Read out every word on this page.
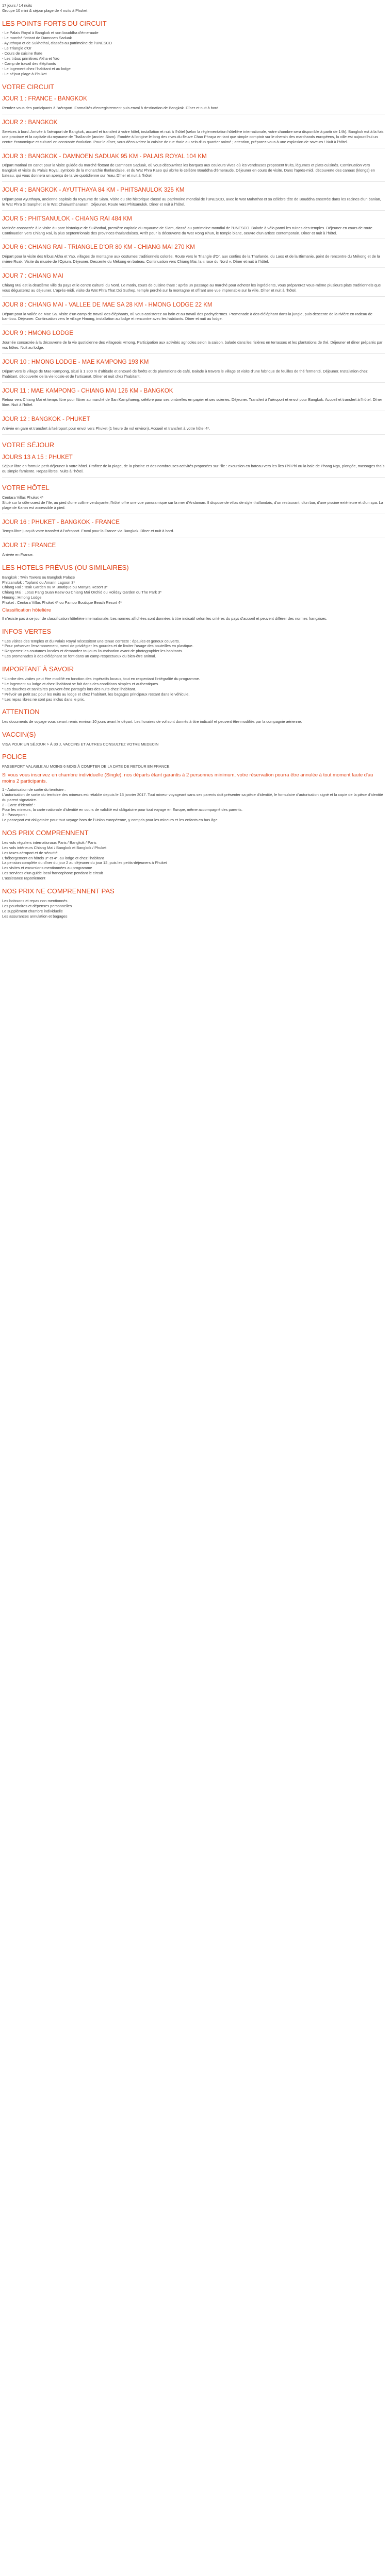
17 jours / 14 nuits

Groupe 10 mini & séjour plage de 4 nuits à Phuket

LES POINTS FORTS DU CIRCUIT
- Le Palais Royal à Bangkok et son bouddha d'émeraude
- Le marché flottant de Damnoen Saduak
- Ayutthaya et de Sukhothai, classés au patrimoine de l'UNESCO
- Le Triangle d'Or
- Cours de cuisine thaïe
- Les tribus primitives Akha et Yao
- Camp de travail des éléphants
- Le logement chez l'habitant et au lodge
- Le séjour plage à Phuket
VOTRE CIRCUIT
JOUR 1 : FRANCE - BANGKOK

Rendez-vous des participants à l'aéroport. Formalités d'enregistrement puis envol à destination de Bangkok. Dîner et nuit à bord.

JOUR 2 : BANGKOK

Services à bord. Arrivée à l'aéroport de Bangkok, accueil et transfert à votre hôtel, installation et nuit à l'hôtel (selon la réglementation hôtelière internationale, votre chambre sera disponible à partir de 14h). Bangkok est à la fois une province et la capitale du royaume de Thaïlande (ancien Siam). Fondée à l'origine le long des rives du fleuve Chao Phraya en tant que simple comptoir sur le chemin des marchands européens, la ville est aujourd'hui un centre économique et culturel en constante évolution. Pour le dîner, vous découvrirez la cuisine de rue thaïe au sein d'un quartier animé ; attention, préparez-vous à une explosion de saveurs ! Nuit à l'hôtel.

JOUR 3 : BANGKOK - DAMNOEN SADUAK 95 KM - PALAIS ROYAL 104 KM

Départ matinal en canot pour la visite guidée du marché flottant de Damnoen Saduak, où vous découvrirez les barques aux couleurs vives où les vendeuses proposent fruits, légumes et plats cuisinés. Continuation vers Bangkok et visite du Palais Royal, symbole de la monarchie thaïlandaise, et du Wat Phra Kaeo qui abrite le célèbre Bouddha d'émeraude. Déjeuner en cours de visite. Dans l'après-midi, découverte des canaux (klongs) en bateau, qui vous donnera un aperçu de la vie quotidienne sur l'eau. Dîner et nuit à l'hôtel.

JOUR 4 : BANGKOK - AYUTTHAYA 84 KM - PHITSANULOK 325 KM

Départ pour Ayutthaya, ancienne capitale du royaume de Siam. Visite du site historique classé au patrimoine mondial de l'UNESCO, avec le Wat Mahathat et sa célèbre tête de Bouddha enserrée dans les racines d'un banian, le Wat Phra Si Sanphet et le Wat Chaiwatthanaram. Déjeuner. Route vers Phitsanulok. Dîner et nuit à l'hôtel.

JOUR 5 : PHITSANULOK - CHIANG RAI 484 KM

Matinée consacrée à la visite du parc historique de Sukhothai, première capitale du royaume de Siam, classé au patrimoine mondial de l'UNESCO. Balade à vélo parmi les ruines des temples. Déjeuner en cours de route. Continuation vers Chiang Rai, la plus septentrionale des provinces thaïlandaises. Arrêt pour la découverte du Wat Rong Khun, le temple blanc, oeuvre d'un artiste contemporain. Dîner et nuit à l'hôtel.

JOUR 6 : CHIANG RAI - TRIANGLE D'OR 80 KM - CHIANG MAI 270 KM

Départ pour la visite des tribus Akha et Yao, villages de montagne aux costumes traditionnels colorés. Route vers le Triangle d'Or, aux confins de la Thaïlande, du Laos et de la Birmanie, point de rencontre du Mékong et de la rivière Ruak. Visite du musée de l'Opium. Déjeuner. Descente du Mékong en bateau. Continuation vers Chiang Mai, la « rose du Nord ». Dîner et nuit à l'hôtel.

JOUR 7 : CHIANG MAI

Chiang Mai est la deuxième ville du pays et le centre culturel du Nord. Le matin, cours de cuisine thaïe : après un passage au marché pour acheter les ingrédients, vous préparerez vous-même plusieurs plats traditionnels que vous dégusterez au déjeuner. L'après-midi, visite du Wat Phra That Doi Suthep, temple perché sur la montagne et offrant une vue imprenable sur la ville. Dîner et nuit à l'hôtel.

JOUR 8 : CHIANG MAI - VALLEE DE MAE SA 28 KM - HMONG LODGE 22 KM

Départ pour la vallée de Mae Sa. Visite d'un camp de travail des éléphants, où vous assisterez au bain et au travail des pachydermes. Promenade à dos d'éléphant dans la jungle, puis descente de la rivière en radeau de bambou. Déjeuner. Continuation vers le village Hmong, installation au lodge et rencontre avec les habitants. Dîner et nuit au lodge.

JOUR 9 : HMONG LODGE

Journée consacrée à la découverte de la vie quotidienne des villageois Hmong. Participation aux activités agricoles selon la saison, balade dans les rizières en terrasses et les plantations de thé. Déjeuner et dîner préparés par vos hôtes. Nuit au lodge.

JOUR 10 : HMONG LODGE - MAE KAMPONG 193 KM

Départ vers le village de Mae Kampong, situé à 1 300 m d'altitude et entouré de forêts et de plantations de café. Balade à travers le village et visite d'une fabrique de feuilles de thé fermenté. Déjeuner. Installation chez l'habitant, découverte de la vie locale et de l'artisanat. Dîner et nuit chez l'habitant.

JOUR 11 : MAE KAMPONG - CHIANG MAI 126 KM - BANGKOK

Retour vers Chiang Mai et temps libre pour flâner au marché de San Kamphaeng, célèbre pour ses ombrelles en papier et ses soieries. Déjeuner. Transfert à l'aéroport et envol pour Bangkok. Accueil et transfert à l'hôtel. Dîner libre. Nuit à l'hôtel.

JOUR 12 : BANGKOK - PHUKET

Arrivée en gare et transfert à l'aéroport pour envol vers Phuket (1 heure de vol environ). Accueil et transfert à votre hôtel 4*.

VOTRE SÉJOUR
JOURS 13 A 15 : PHUKET

Séjour libre en formule petit-déjeuner à votre hôtel. Profitez de la plage, de la piscine et des nombreuses activités proposées sur l'île : excursion en bateau vers les îles Phi Phi ou la baie de Phang Nga, plongée, massages thaïs ou simple farniente. Repas libres. Nuits à l'hôtel.

VOTRE HÔTEL

Centara Villas Phuket 4*

Situé sur la côte ouest de l'île, au pied d'une colline verdoyante, l'hôtel offre une vue panoramique sur la mer d'Andaman. Il dispose de villas de style thaïlandais, d'un restaurant, d'un bar, d'une piscine extérieure et d'un spa. La plage de Karon est accessible à pied.

JOUR 16 : PHUKET - BANGKOK - FRANCE

Temps libre jusqu'à votre transfert à l'aéroport. Envol pour la France via Bangkok. Dîner et nuit à bord.

JOUR 17 : FRANCE

Arrivée en France.

LES HOTELS PRÉVUS (OU SIMILAIRES)
Bangkok : Twin Towers ou Bangkok Palace
Phitsanulok : Topland ou Amarin Lagoon 3*
Chiang Rai : Teak Garden ou M Boutique ou Manyra Resort 3*
Chiang Mai : Lotus Pang Suan Kaew ou Chiang Mai Orchid ou Holiday Garden ou The Park 3*
Hmong : Hmong Lodge
Phuket : Centara Villas Phuket 4* ou Pamoo Boutique Beach Resort 4*
Classification hôtelière

Il n'existe pas à ce jour de classification hôtelière internationale. Les normes affichées sont données à titre indicatif selon les critères du pays d'accueil et peuvent différer des normes françaises.

INFOS VERTES
* Les visites des temples et du Palais Royal nécessitent une tenue correcte : épaules et genoux couverts.
* Pour préserver l'environnement, merci de privilégier les gourdes et de limiter l'usage des bouteilles en plastique.
* Respectez les coutumes locales et demandez toujours l'autorisation avant de photographier les habitants.
* Les promenades à dos d'éléphant se font dans un camp respectueux du bien-être animal.
IMPORTANT À SAVOIR
* L'ordre des visites peut être modifié en fonction des impératifs locaux, tout en respectant l'intégralité du programme.
* Le logement au lodge et chez l'habitant se fait dans des conditions simples et authentiques.
* Les douches et sanitaires peuvent être partagés lors des nuits chez l'habitant.
* Prévoir un petit sac pour les nuits au lodge et chez l'habitant, les bagages principaux restant dans le véhicule.
* Les repas libres ne sont pas inclus dans le prix.
ATTENTION

Les documents de voyage vous seront remis environ 10 jours avant le départ. Les horaires de vol sont donnés à titre indicatif et peuvent être modifiés par la compagnie aérienne.

VACCIN(S)

VISA POUR UN SÉJOUR > À 30 J, VACCINS ET AUTRES CONSULTEZ VOTRE MEDECIN

POLICE

PASSEPORT VALABLE AU MOINS 6 MOIS À COMPTER DE LA DATE DE RETOUR EN FRANCE

Si vous vous inscrivez en chambre individuelle (Single), nos départs étant garantis à 2 personnes minimum, votre réservation pourra être annulée à tout moment faute d'au moins 2 participants.
1 - Autorisation de sortie du territoire :
L'autorisation de sortie du territoire des mineurs est rétablie depuis le 15 janvier 2017. Tout mineur voyageant sans ses parents doit présenter sa pièce d'identité, le formulaire d'autorisation signé et la copie de la pièce d'identité du parent signataire.
2 - Carte d'identité :
Pour les mineurs, la carte nationale d'identité en cours de validité est obligatoire pour tout voyage en Europe, même accompagné des parents.
3 - Passeport :
Le passeport est obligatoire pour tout voyage hors de l'Union européenne, y compris pour les mineurs et les enfants en bas âge.
NOS PRIX COMPRENNENT
Les vols réguliers internationaux Paris / Bangkok / Paris
Les vols intérieurs Chiang Mai / Bangkok et Bangkok / Phuket
Les taxes aéroport et de sécurité
L'hébergement en hôtels 3* et 4*, au lodge et chez l'habitant
La pension complète du dîner du jour 2 au déjeuner du jour 12, puis les petits-déjeuners à Phuket
Les visites et excursions mentionnées au programme
Les services d'un guide local francophone pendant le circuit
L'assistance rapatriement
NOS PRIX NE COMPRENNENT PAS
Les boissons et repas non mentionnés
Les pourboires et dépenses personnelles
Le supplément chambre individuelle
Les assurances annulation et bagages
